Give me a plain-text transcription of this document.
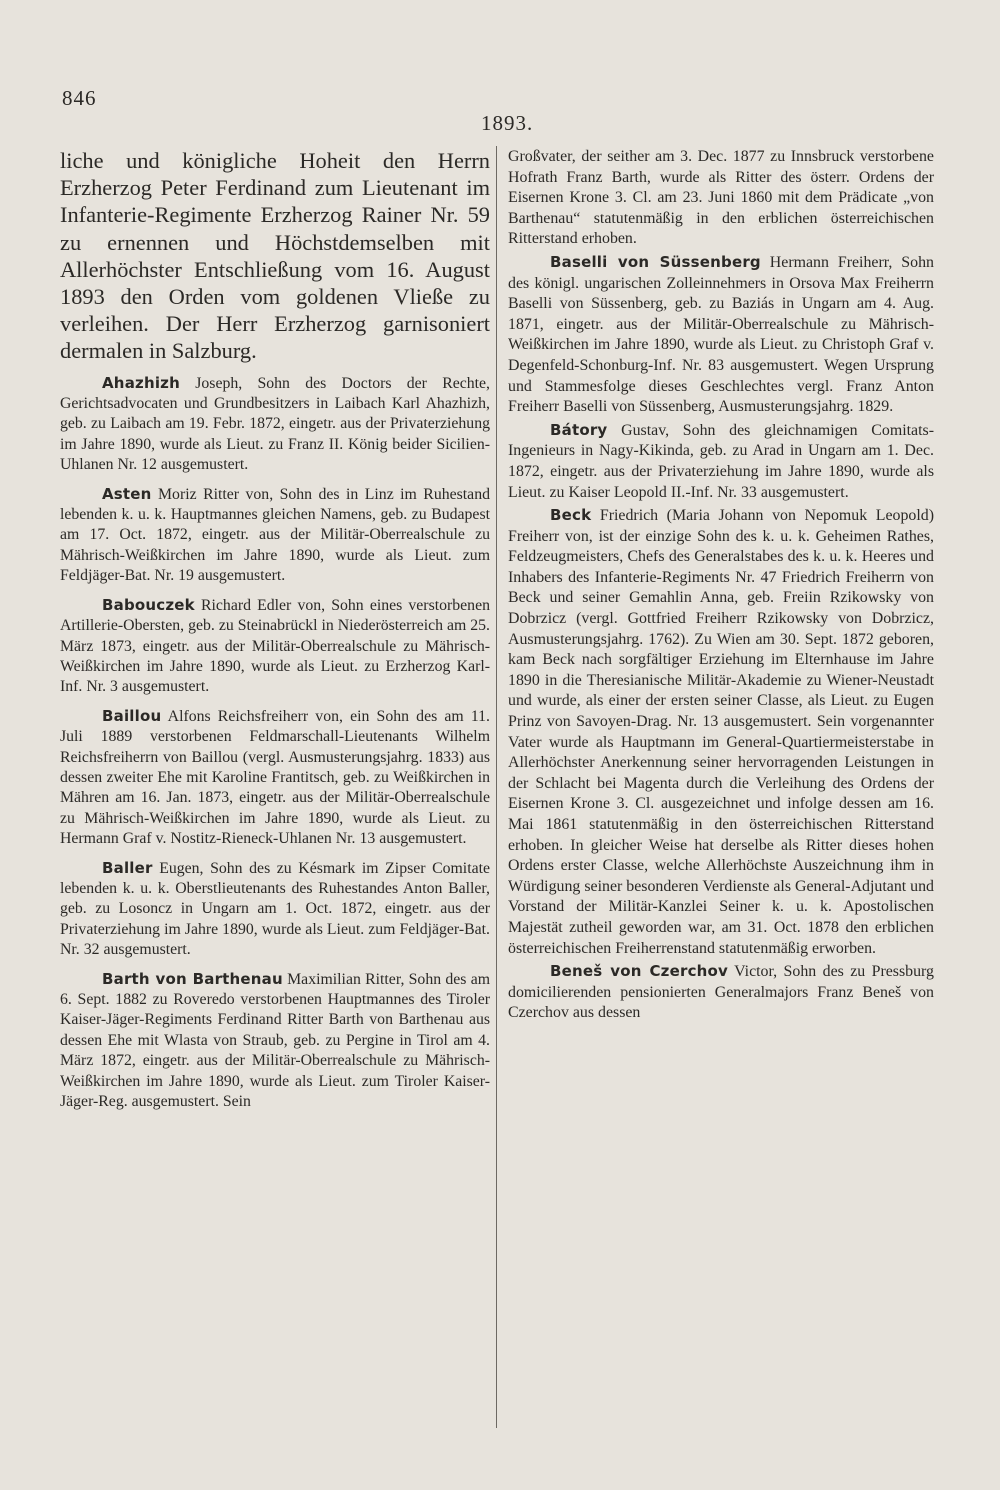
846
1893.

liche und königliche Hoheit den Herrn Erzherzog Peter Ferdinand zum Lieutenant im Infanterie-Regimente Erzherzog Rainer Nr. 59 zu ernennen und Höchstdemselben mit Allerhöchster Entschließung vom 16. August 1893 den Orden vom goldenen Vließe zu verleihen. Der Herr Erzherzog garnisoniert dermalen in Salzburg.

Ahazhizh Joseph, Sohn des Doctors der Rechte, Gerichtsadvocaten und Grundbesitzers in Laibach Karl Ahazhizh, geb. zu Laibach am 19. Febr. 1872, eingetr. aus der Privaterziehung im Jahre 1890, wurde als Lieut. zu Franz II. König beider Sicilien-Uhlanen Nr. 12 ausgemustert.

Asten Moriz Ritter von, Sohn des in Linz im Ruhestand lebenden k. u. k. Hauptmannes gleichen Namens, geb. zu Budapest am 17. Oct. 1872, eingetr. aus der Militär-Oberrealschule zu Mährisch-Weißkirchen im Jahre 1890, wurde als Lieut. zum Feldjäger-Bat. Nr. 19 ausgemustert.

Babouczek Richard Edler von, Sohn eines verstorbenen Artillerie-Obersten, geb. zu Steinabrückl in Niederösterreich am 25. März 1873, eingetr. aus der Militär-Oberrealschule zu Mährisch-Weißkirchen im Jahre 1890, wurde als Lieut. zu Erzherzog Karl-Inf. Nr. 3 ausgemustert.

Baillou Alfons Reichsfreiherr von, ein Sohn des am 11. Juli 1889 verstorbenen Feldmarschall-Lieutenants Wilhelm Reichsfreiherrn von Baillou (vergl. Ausmusterungsjahrg. 1833) aus dessen zweiter Ehe mit Karoline Frantitsch, geb. zu Weißkirchen in Mähren am 16. Jan. 1873, eingetr. aus der Militär-Oberrealschule zu Mährisch-Weißkirchen im Jahre 1890, wurde als Lieut. zu Hermann Graf v. Nostitz-Rieneck-Uhlanen Nr. 13 ausgemustert.

Baller Eugen, Sohn des zu Késmark im Zipser Comitate lebenden k. u. k. Oberstlieutenants des Ruhestandes Anton Baller, geb. zu Losoncz in Ungarn am 1. Oct. 1872, eingetr. aus der Privaterziehung im Jahre 1890, wurde als Lieut. zum Feldjäger-Bat. Nr. 32 ausgemustert.

Barth von Barthenau Maximilian Ritter, Sohn des am 6. Sept. 1882 zu Roveredo verstorbenen Hauptmannes des Tiroler Kaiser-Jäger-Regiments Ferdinand Ritter Barth von Barthenau aus dessen Ehe mit Wlasta von Straub, geb. zu Pergine in Tirol am 4. März 1872, eingetr. aus der Militär-Oberrealschule zu Mährisch-Weißkirchen im Jahre 1890, wurde als Lieut. zum Tiroler Kaiser-Jäger-Reg. ausgemustert. Sein

Großvater, der seither am 3. Dec. 1877 zu Innsbruck verstorbene Hofrath Franz Barth, wurde als Ritter des österr. Ordens der Eisernen Krone 3. Cl. am 23. Juni 1860 mit dem Prädicate „von Barthenau“ statutenmäßig in den erblichen österreichischen Ritterstand erhoben.

Baselli von Süssenberg Hermann Freiherr, Sohn des königl. ungarischen Zolleinnehmers in Orsova Max Freiherrn Baselli von Süssenberg, geb. zu Baziás in Ungarn am 4. Aug. 1871, eingetr. aus der Militär-Oberrealschule zu Mährisch-Weißkirchen im Jahre 1890, wurde als Lieut. zu Christoph Graf v. Degenfeld-Schonburg-Inf. Nr. 83 ausgemustert. Wegen Ursprung und Stammesfolge dieses Geschlechtes vergl. Franz Anton Freiherr Baselli von Süssenberg, Ausmusterungsjahrg. 1829.

Bátory Gustav, Sohn des gleichnamigen Comitats-Ingenieurs in Nagy-Kikinda, geb. zu Arad in Ungarn am 1. Dec. 1872, eingetr. aus der Privaterziehung im Jahre 1890, wurde als Lieut. zu Kaiser Leopold II.-Inf. Nr. 33 ausgemustert.

Beck Friedrich (Maria Johann von Nepomuk Leopold) Freiherr von, ist der einzige Sohn des k. u. k. Geheimen Rathes, Feldzeugmeisters, Chefs des Generalstabes des k. u. k. Heeres und Inhabers des Infanterie-Regiments Nr. 47 Friedrich Freiherrn von Beck und seiner Gemahlin Anna, geb. Freiin Rzikowsky von Dobrzicz (vergl. Gottfried Freiherr Rzikowsky von Dobrzicz, Ausmusterungsjahrg. 1762). Zu Wien am 30. Sept. 1872 geboren, kam Beck nach sorgfältiger Erziehung im Elternhause im Jahre 1890 in die Theresianische Militär-Akademie zu Wiener-Neustadt und wurde, als einer der ersten seiner Classe, als Lieut. zu Eugen Prinz von Savoyen-Drag. Nr. 13 ausgemustert. Sein vorgenannter Vater wurde als Hauptmann im General-Quartiermeisterstabe in Allerhöchster Anerkennung seiner hervorragenden Leistungen in der Schlacht bei Magenta durch die Verleihung des Ordens der Eisernen Krone 3. Cl. ausgezeichnet und infolge dessen am 16. Mai 1861 statutenmäßig in den österreichischen Ritterstand erhoben. In gleicher Weise hat derselbe als Ritter dieses hohen Ordens erster Classe, welche Allerhöchste Auszeichnung ihm in Würdigung seiner besonderen Verdienste als General-Adjutant und Vorstand der Militär-Kanzlei Seiner k. u. k. Apostolischen Majestät zutheil geworden war, am 31. Oct. 1878 den erblichen österreichischen Freiherrenstand statutenmäßig erworben.

Beneš von Czerchov Victor, Sohn des zu Pressburg domicilierenden pensionierten Generalmajors Franz Beneš von Czerchov aus dessen
